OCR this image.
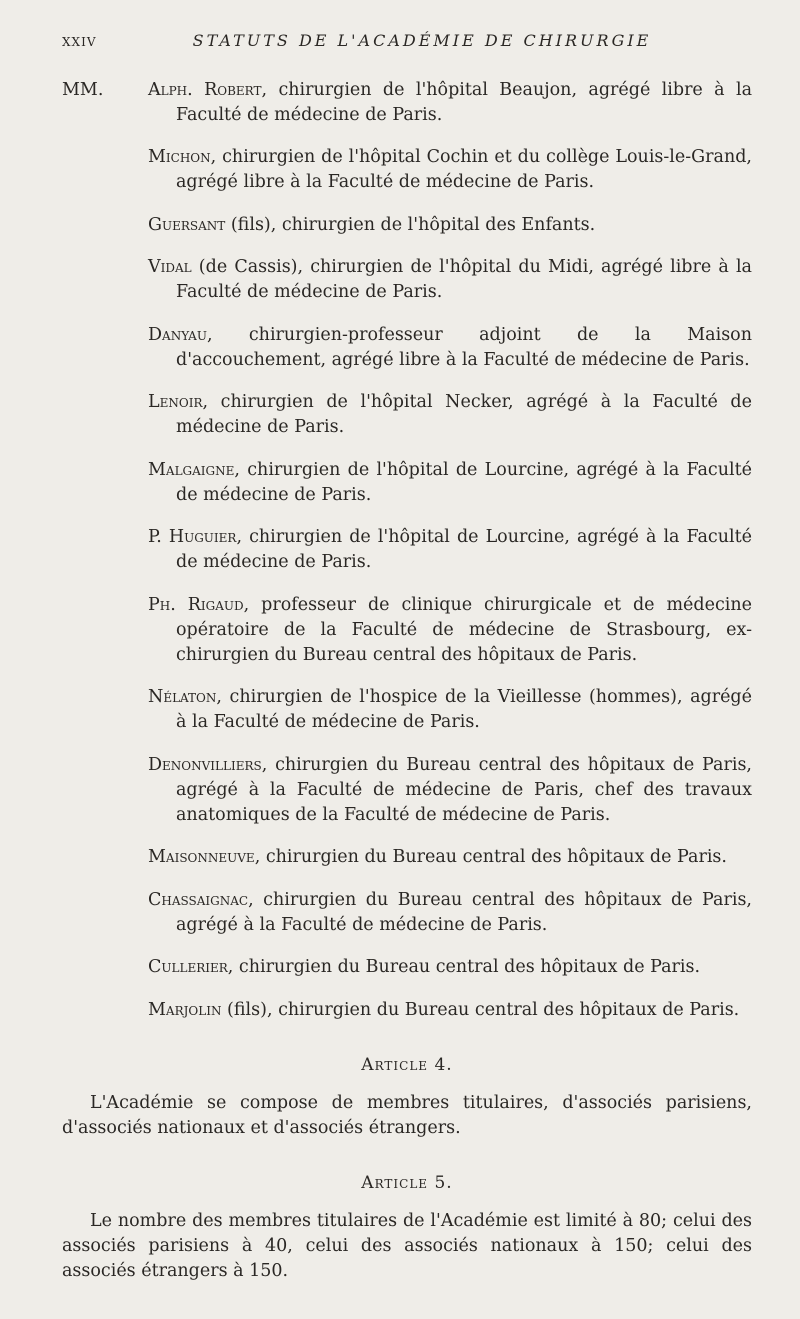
XXIV	STATUTS DE L'ACADÉMIE DE CHIRURGIE

MM.	Alph. Robert, chirurgien de l'hôpital Beaujon, agrégé libre à la Faculté de médecine de Paris.

Michon, chirurgien de l'hôpital Cochin et du collège Louis-le-Grand, agrégé libre à la Faculté de médecine de Paris.

Guersant (fils), chirurgien de l'hôpital des Enfants.

Vidal (de Cassis), chirurgien de l'hôpital du Midi, agrégé libre à la Faculté de médecine de Paris.

Danyau, chirurgien-professeur adjoint de la Maison d'accouchement, agrégé libre à la Faculté de médecine de Paris.

Lenoir, chirurgien de l'hôpital Necker, agrégé à la Faculté de médecine de Paris.

Malgaigne, chirurgien de l'hôpital de Lourcine, agrégé à la Faculté de médecine de Paris.

P. Huguier, chirurgien de l'hôpital de Lourcine, agrégé à la Faculté de médecine de Paris.

Ph. Rigaud, professeur de clinique chirurgicale et de médecine opératoire de la Faculté de médecine de Strasbourg, ex-chirurgien du Bureau central des hôpitaux de Paris.

Nélaton, chirurgien de l'hospice de la Vieillesse (hommes), agrégé à la Faculté de médecine de Paris.

Denonvilliers, chirurgien du Bureau central des hôpitaux de Paris, agrégé à la Faculté de médecine de Paris, chef des travaux anatomiques de la Faculté de médecine de Paris.

Maisonneuve, chirurgien du Bureau central des hôpitaux de Paris.

Chassaignac, chirurgien du Bureau central des hôpitaux de Paris, agrégé à la Faculté de médecine de Paris.

Cullerier, chirurgien du Bureau central des hôpitaux de Paris.

Marjolin (fils), chirurgien du Bureau central des hôpitaux de Paris.

Article 4.

L'Académie se compose de membres titulaires, d'associés parisiens, d'associés nationaux et d'associés étrangers.

Article 5.

Le nombre des membres titulaires de l'Académie est limité à 80; celui des associés parisiens à 40, celui des associés nationaux à 150; celui des associés étrangers à 150.
